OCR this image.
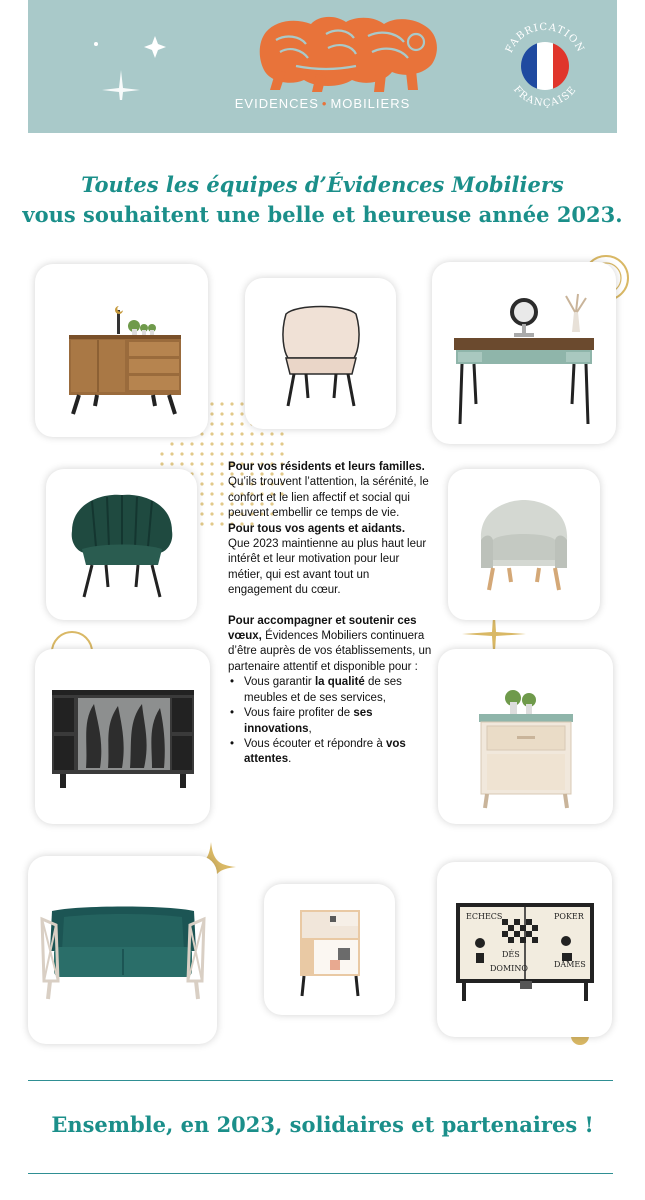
EVIDENCES • MOBILIERS
FABRICATION
FRANÇAISE
Toutes les équipes d’Évidences Mobiliers
vous souhaitent une belle et heureuse année 2023.
ECHECS	POKER
DÉS
DOMINO	DAMES

Pour vos résidents et leurs familles.
Qu’ils trouvent l’attention, la sérénité, le confort et le lien affectif et social qui peuvent embellir ce temps de vie.

Pour tous vos agents et aidants.
Que 2023 maintienne au plus haut leur intérêt et leur motivation pour leur métier, qui est avant tout un engagement du cœur.

Pour accompagner et soutenir ces vœux, Évidences Mobiliers continuera d’être auprès de vos établissements, un partenaire attentif et disponible pour :

• Vous garantir la qualité de ses meubles et de ses services,
• Vous faire profiter de ses innovations,
• Vous écouter et répondre à vos attentes.
Ensemble, en 2023, solidaires et partenaires !
